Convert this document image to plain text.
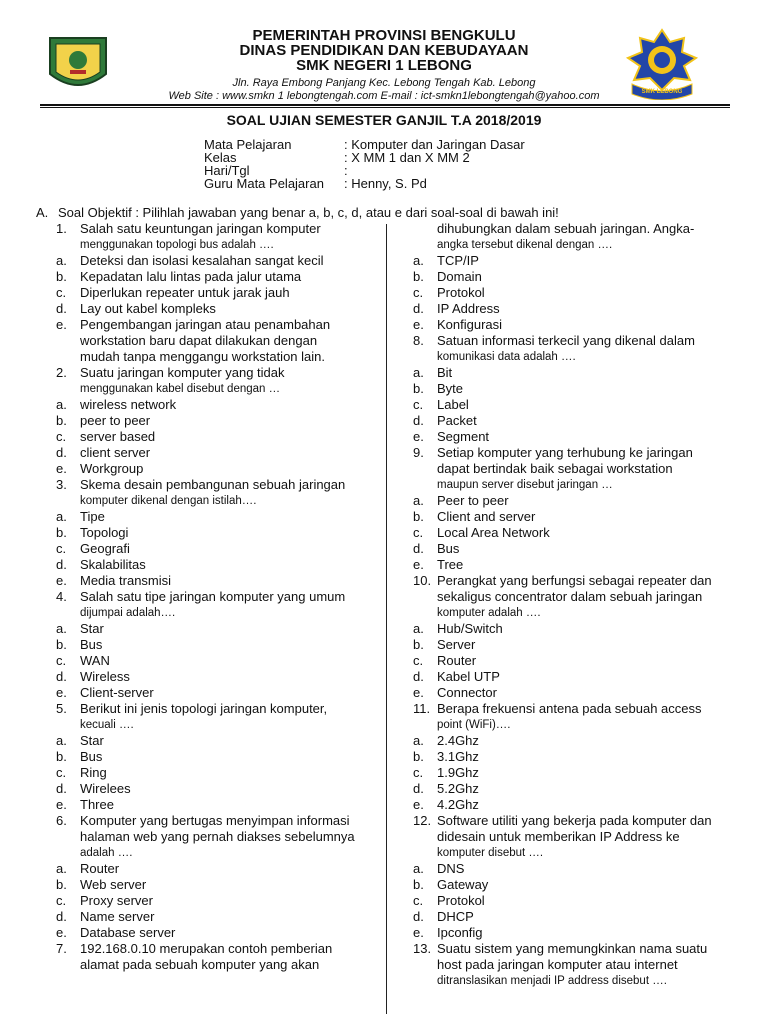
PEMERINTAH PROVINSI BENGKULU
DINAS PENDIDIKAN DAN KEBUDAYAAN
SMK NEGERI 1 LEBONG
Jln. Raya Embong Panjang Kec. Lebong Tengah Kab. Lebong
Web Site : www.smkn 1 lebongtengah.com E-mail : ict-smkn1lebongtengah@yahoo.com	SMK LEBONG
SOAL UJIAN SEMESTER GANJIL T.A 2018/2019
Mata Pelajaran	: Komputer dan Jaringan Dasar
Kelas	: X MM 1 dan X MM 2
Hari/Tgl	:
Guru Mata Pelajaran	: Henny, S. Pd
A. Soal Objektif : Pilihlah jawaban yang benar a, b, c, d, atau e dari soal-soal di bawah ini!
1. Salah satu keuntungan jaringan komputer
menggunakan topologi bus adalah ….
a. Deteksi dan isolasi kesalahan sangat kecil
b. Kepadatan lalu lintas pada jalur utama
c. Diperlukan repeater untuk jarak jauh
d. Lay out kabel kompleks
e. Pengembangan jaringan atau penambahan
workstation baru dapat dilakukan dengan
mudah tanpa menggangu workstation lain.
2. Suatu jaringan komputer yang tidak
menggunakan kabel disebut dengan …
a. wireless network
b. peer to peer
c. server based
d. client server
e. Workgroup
3. Skema desain pembangunan sebuah jaringan
komputer dikenal dengan istilah….
a. Tipe
b. Topologi
c. Geografi
d. Skalabilitas
e. Media transmisi
4. Salah satu tipe jaringan komputer yang umum
dijumpai adalah….
a. Star
b. Bus
c. WAN
d. Wireless
e. Client-server
5. Berikut ini jenis topologi jaringan komputer,
kecuali ….
a. Star
b. Bus
c. Ring
d. Wirelees
e. Three
6. Komputer yang bertugas menyimpan informasi
halaman web yang pernah diakses sebelumnya
adalah ….
a. Router
b. Web server
c. Proxy server
d. Name server
e. Database server
7. 192.168.0.10 merupakan contoh pemberian
alamat pada sebuah komputer yang akan
dihubungkan dalam sebuah jaringan. Angka-
angka tersebut dikenal dengan ….
a. TCP/IP
b. Domain
c. Protokol
d. IP Address
e. Konfigurasi
8. Satuan informasi terkecil yang dikenal dalam
komunikasi data adalah ….
a. Bit
b. Byte
c. Label
d. Packet
e. Segment
9. Setiap komputer yang terhubung ke jaringan
dapat bertindak baik sebagai workstation
maupun server disebut jaringan …
a. Peer to peer
b. Client and server
c. Local Area Network
d. Bus
e. Tree
10. Perangkat yang berfungsi sebagai repeater dan
sekaligus concentrator dalam sebuah jaringan
komputer adalah ….
a. Hub/Switch
b. Server
c. Router
d. Kabel UTP
e. Connector
11. Berapa frekuensi antena pada sebuah access
point (WiFi)….
a. 2.4Ghz
b. 3.1Ghz
c. 1.9Ghz
d. 5.2Ghz
e. 4.2Ghz
12. Software utiliti yang bekerja pada komputer dan
didesain untuk memberikan IP Address ke
komputer disebut ….
a. DNS
b. Gateway
c. Protokol
d. DHCP
e. Ipconfig
13. Suatu sistem yang memungkinkan nama suatu
host pada jaringan komputer atau internet
ditranslasikan menjadi IP address disebut ….
